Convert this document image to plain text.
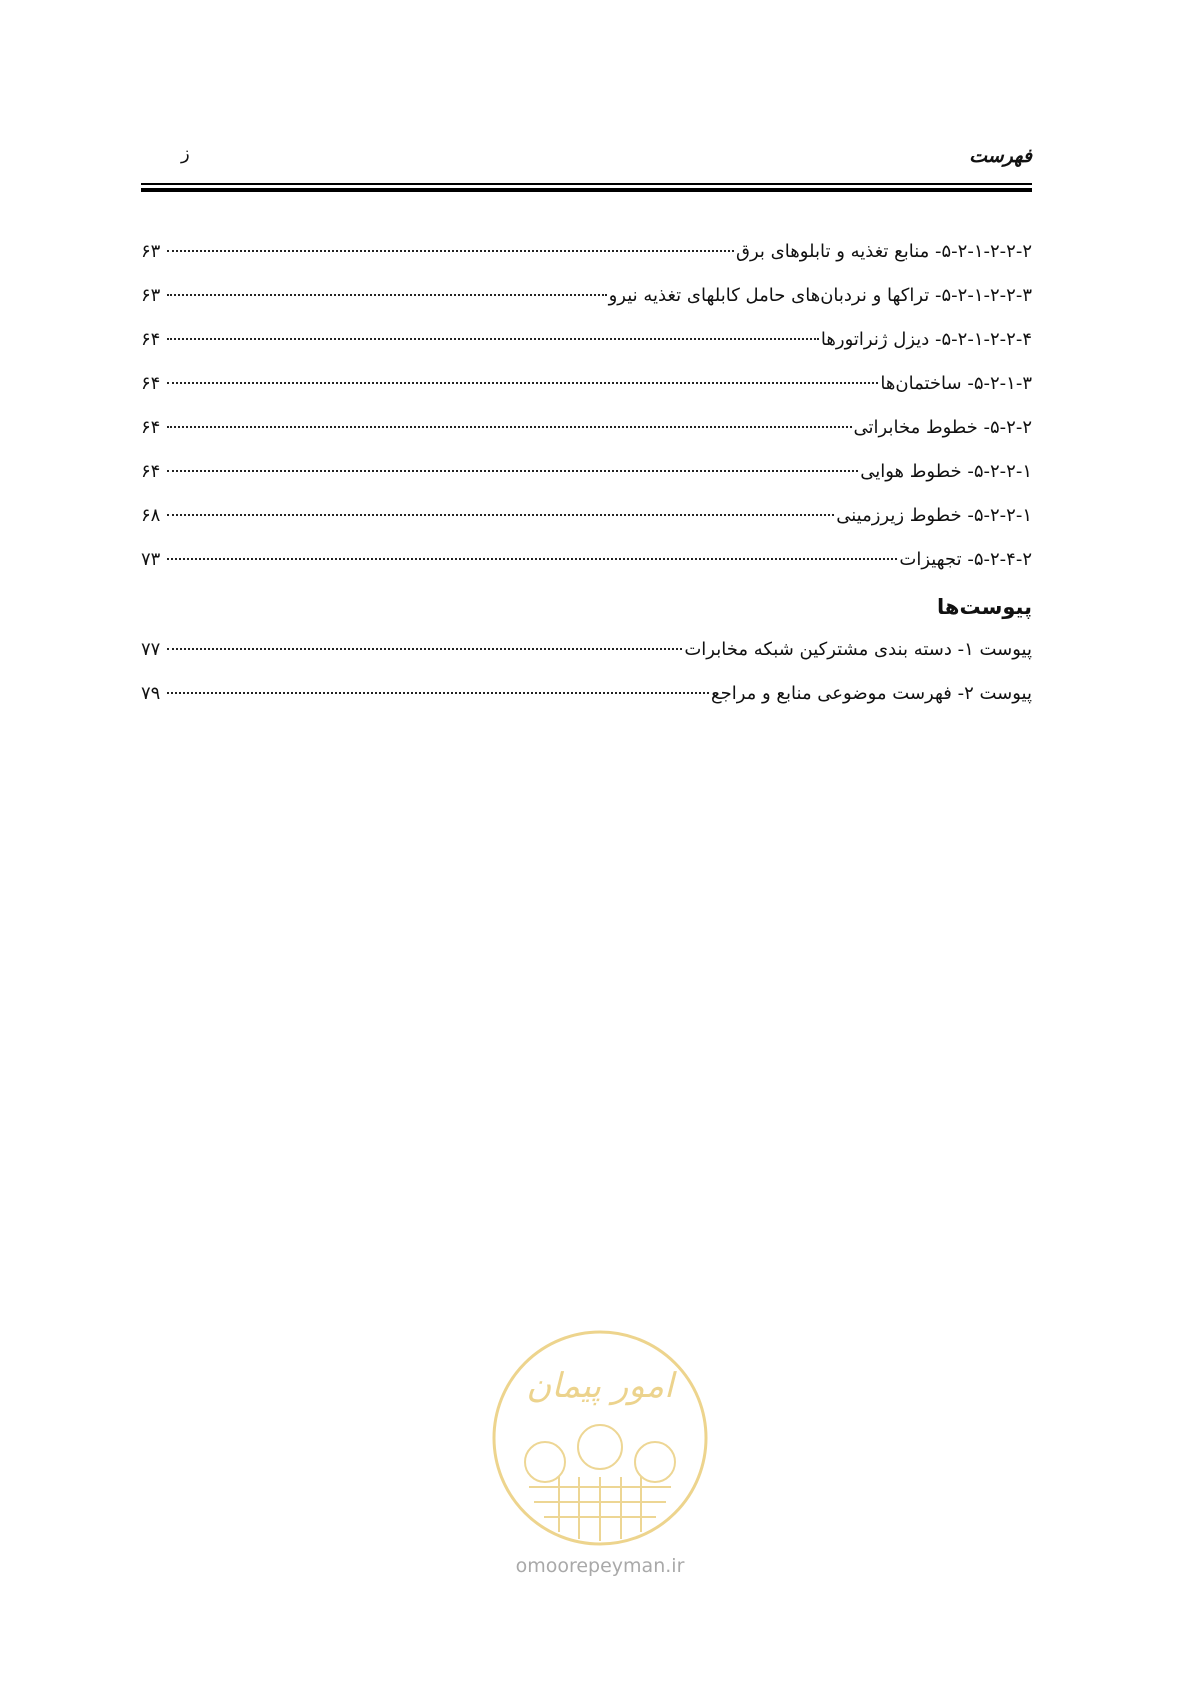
فهرست
ز
۵-۲-۱-۲-۲-۲- منابع تغذیه و تابلوهای برق
۶۳
۵-۲-۱-۲-۲-۳- تراکها و نردبان‌های حامل کابلهای تغذیه نیرو
۶۳
۵-۲-۱-۲-۲-۴- دیزل ژنراتورها
۶۴
۵-۲-۱-۳- ساختمان‌ها
۶۴
۵-۲-۲- خطوط مخابراتی
۶۴
۵-۲-۲-۱- خطوط هوایی
۶۴
۵-۲-۲-۱- خطوط زیرزمینی
۶۸
۵-۲-۴-۲- تجهیزات
۷۳
پیوست‌ها
پیوست ۱- دسته بندی مشترکین شبکه مخابرات
۷۷
پیوست ۲- فهرست موضوعی منابع و مراجع
۷۹
امور پیمان
omoorepeyman.ir
